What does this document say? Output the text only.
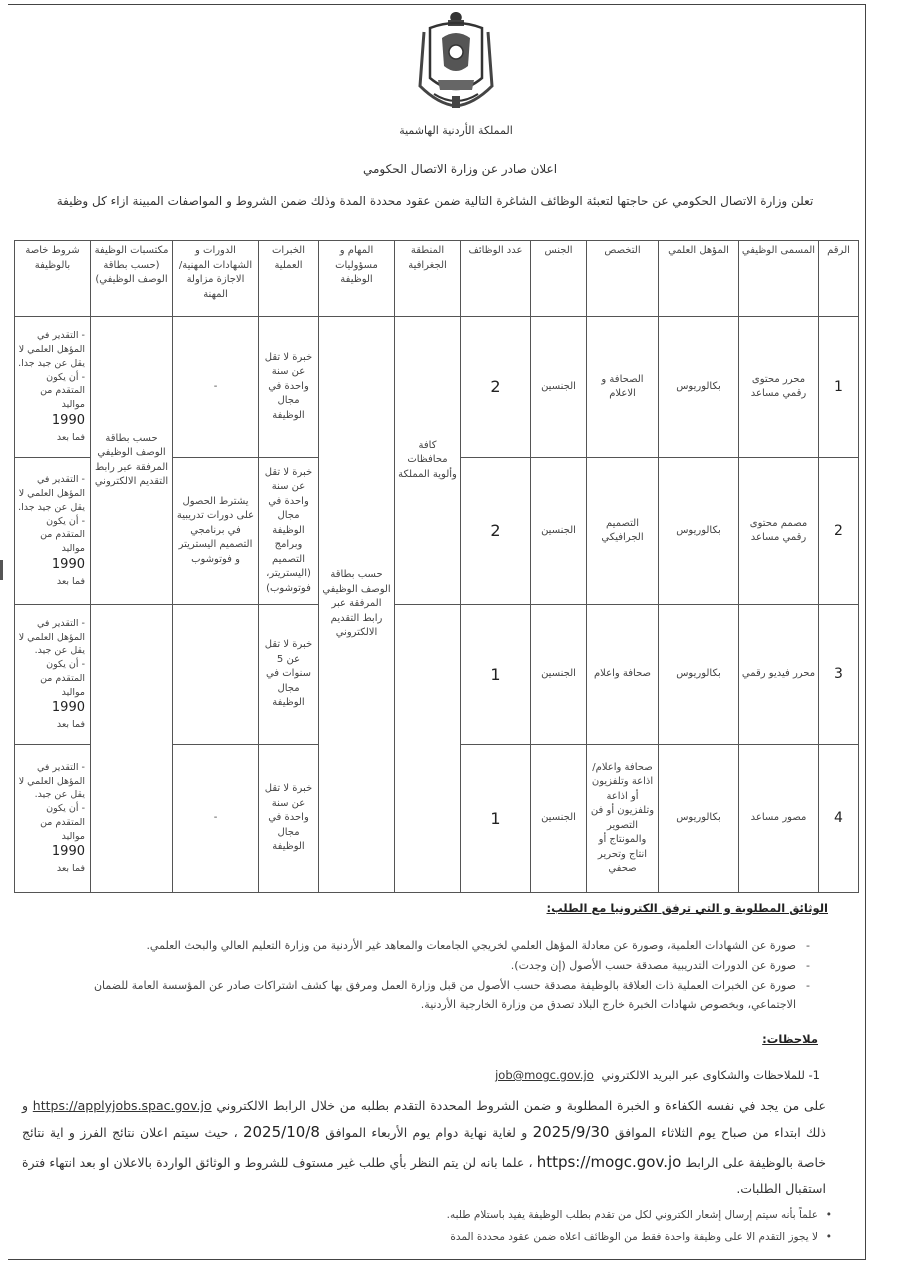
المملكة الأردنية الهاشمية
اعلان صادر عن وزارة الاتصال الحكومي
تعلن وزارة الاتصال الحكومي عن حاجتها لتعبئة الوظائف الشاغرة التالية ضمن عقود محددة المدة وذلك ضمن الشروط و المواصفات المبينة ازاء كل وظيفة
الرقم	المسمى الوظيفي	المؤهل العلمي	التخصص	الجنس	عدد الوظائف	المنطقة الجغرافية	المهام و مسؤوليات الوظيفة	الخبرات العملية	الدورات و الشهادات المهنية/الاجازة مزاولة المهنة	مكتسبات الوظيفة (حسب بطاقة الوصف الوظيفي)	شروط خاصة بالوظيفة
1	محرر محتوى رقمي مساعد	بكالوريوس	الصحافة و الاعلام	الجنسين	2	كافة محافظات وألوية المملكة	حسب بطاقة الوصف الوظيفي المرفقة عبر رابط التقديم الالكتروني	خبرة لا تقل عن سنة واحدة في مجال الوظيفة	-	حسب بطاقة الوصف الوظيفي المرفقة عبر رابط التقديم الالكتروني	- التقدير في المؤهل العلمي لا يقل عن جيد جدا.
- أن يكون المتقدم من مواليد
1990
فما بعد

2	مصمم محتوى رقمي مساعد	بكالوريوس	التصميم الجرافيكي	الجنسين	2			خبرة لا تقل عن سنة واحدة في مجال الوظيفة وبرامج التصميم (اليستريتر، فوتوشوب)	يشترط الحصول على دورات تدريبية في برنامجي التصميم اليستريتر و فوتوشوب		- التقدير في المؤهل العلمي لا يقل عن جيد جدا.
- أن يكون المتقدم من مواليد
1990
فما بعد

3	محرر فيديو رقمي	بكالوريوس	صحافة واعلام	الجنسين	1			خبرة لا تقل عن 5 سنوات في مجال الوظيفة			- التقدير في المؤهل العلمي لا يقل عن جيد.
- أن يكون المتقدم من مواليد
1990
فما بعد

4	مصور مساعد	بكالوريوس	صحافة واعلام/اذاعة وتلفزيون أو اذاعة وتلفزيون أو فن التصوير والمونتاج أو انتاج وتحرير صحفي	الجنسين	1			خبرة لا تقل عن سنة واحدة في مجال الوظيفة	-		- التقدير في المؤهل العلمي لا يقل عن جيد.
- أن يكون المتقدم من مواليد
1990
فما بعد
الوثائق المطلوبة و التي ترفق الكترونيا مع الطلب:
- صورة عن الشهادات العلمية، وصورة عن معادلة المؤهل العلمي لخريجي الجامعات والمعاهد غير الأردنية من وزارة التعليم العالي والبحث العلمي.
- صورة عن الدورات التدريبية مصدقة حسب الأصول (إن وجدت).
- صورة عن الخبرات العملية ذات العلاقة بالوظيفة مصدقة حسب الأصول من قبل وزارة العمل ومرفق بها كشف اشتراكات صادر عن المؤسسة العامة للضمان الاجتماعي، وبخصوص شهادات الخبرة خارج البلاد تصدق من وزارة الخارجية الأردنية.
ملاحظات:
1- للملاحظات والشكاوى عبر البريد الالكتروني job@mogc.gov.jo
على من يجد في نفسه الكفاءة و الخبرة المطلوبة و ضمن الشروط المحددة التقدم بطلبه من خلال الرابط الالكتروني https://applyjobs.spac.gov.jo و ذلك ابتداء من صباح يوم الثلاثاء الموافق 2025/9/30 و لغاية نهاية دوام يوم الأربعاء الموافق 2025/10/8 ، حيث سيتم اعلان نتائج الفرز و اية نتائج خاصة بالوظيفة على الرابط https://mogc.gov.jo ، علما بانه لن يتم النظر بأي طلب غير مستوف للشروط و الوثائق الواردة بالاعلان او بعد انتهاء فترة استقبال الطلبات.
• علماً بأنه سيتم إرسال إشعار الكتروني لكل من تقدم بطلب الوظيفة يفيد باستلام طلبه.
• لا يجوز التقدم الا على وظيفة واحدة فقط من الوظائف اعلاه ضمن عقود محددة المدة
